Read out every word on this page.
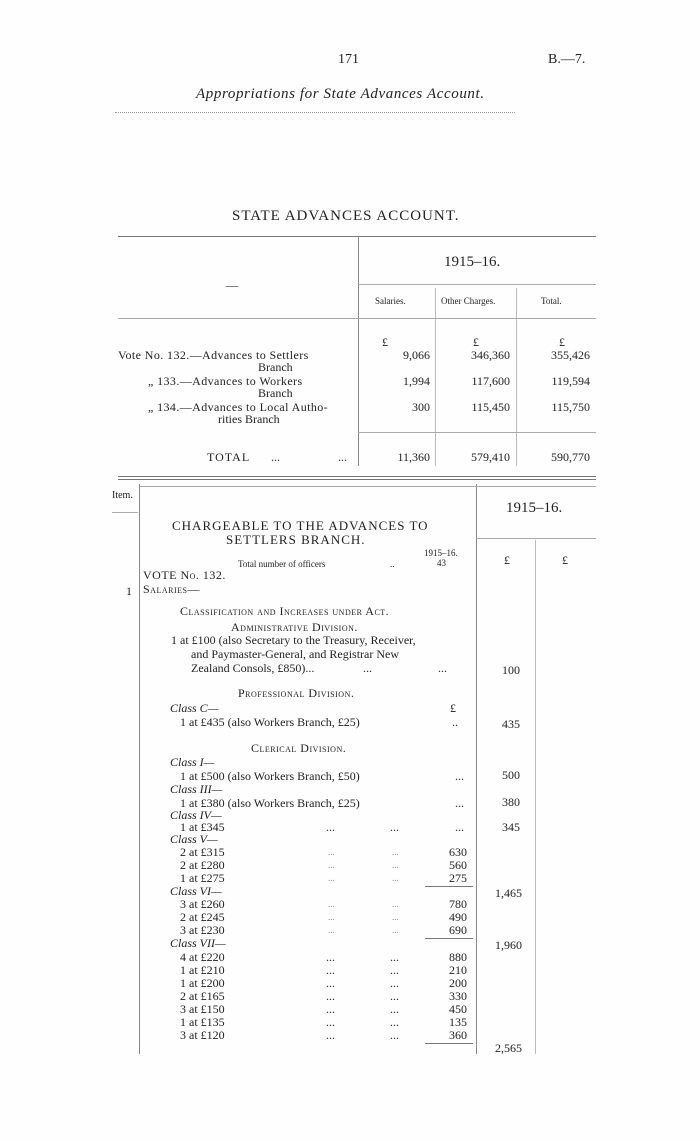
171	B.—7.
Appropriations for State Advances Account.
STATE ADVANCES ACCOUNT.
1915–16.
—
Salaries.	Other Charges.	Total.
£	£	£
Vote No. 132.—Advances to Settlers
Branch
9,066	346,360	355,426
„ 133.—Advances to Workers
Branch
1,994	117,600	119,594
„ 134.—Advances to Local Autho-
rities Branch
300	115,450	115,750
TOTAL ...	...	11,360	579,410	590,770
Item.
1915–16.
CHARGEABLE TO THE ADVANCES TO
SETTLERS BRANCH.
1915–16.
Total number of officers	..	43	£	£
VOTE No. 132.
1 Salaries—
Classification and Increases under Act.
Administrative Division.
1 at £100 (also Secretary to the Treasury, Receiver,
and Paymaster-General, and Registrar New
Zealand Consols, £850)...	...	...	100
Professional Division.
Class C—	£
1 at £435 (also Workers Branch, £25)	..	435
Clerical Division.
Class I—
1 at £500 (also Workers Branch, £50)	...	500
Class III—
1 at £380 (also Workers Branch, £25)	...	380
Class IV—
1 at £345	...	...	...	345
Class V—
2 at £315	...	...	630
2 at £280	...	...	560
1 at £275	...	...	275
1,465
Class VI—
3 at £260	...	...	780
2 at £245	...	...	490
3 at £230	...	...	690
1,960
Class VII—
4 at £220	...	...	880
1 at £210	...	...	210
1 at £200	...	...	200
2 at £165	...	...	330
3 at £150	...	...	450
1 at £135	...	...	135
3 at £120	...	...	360
2,565
